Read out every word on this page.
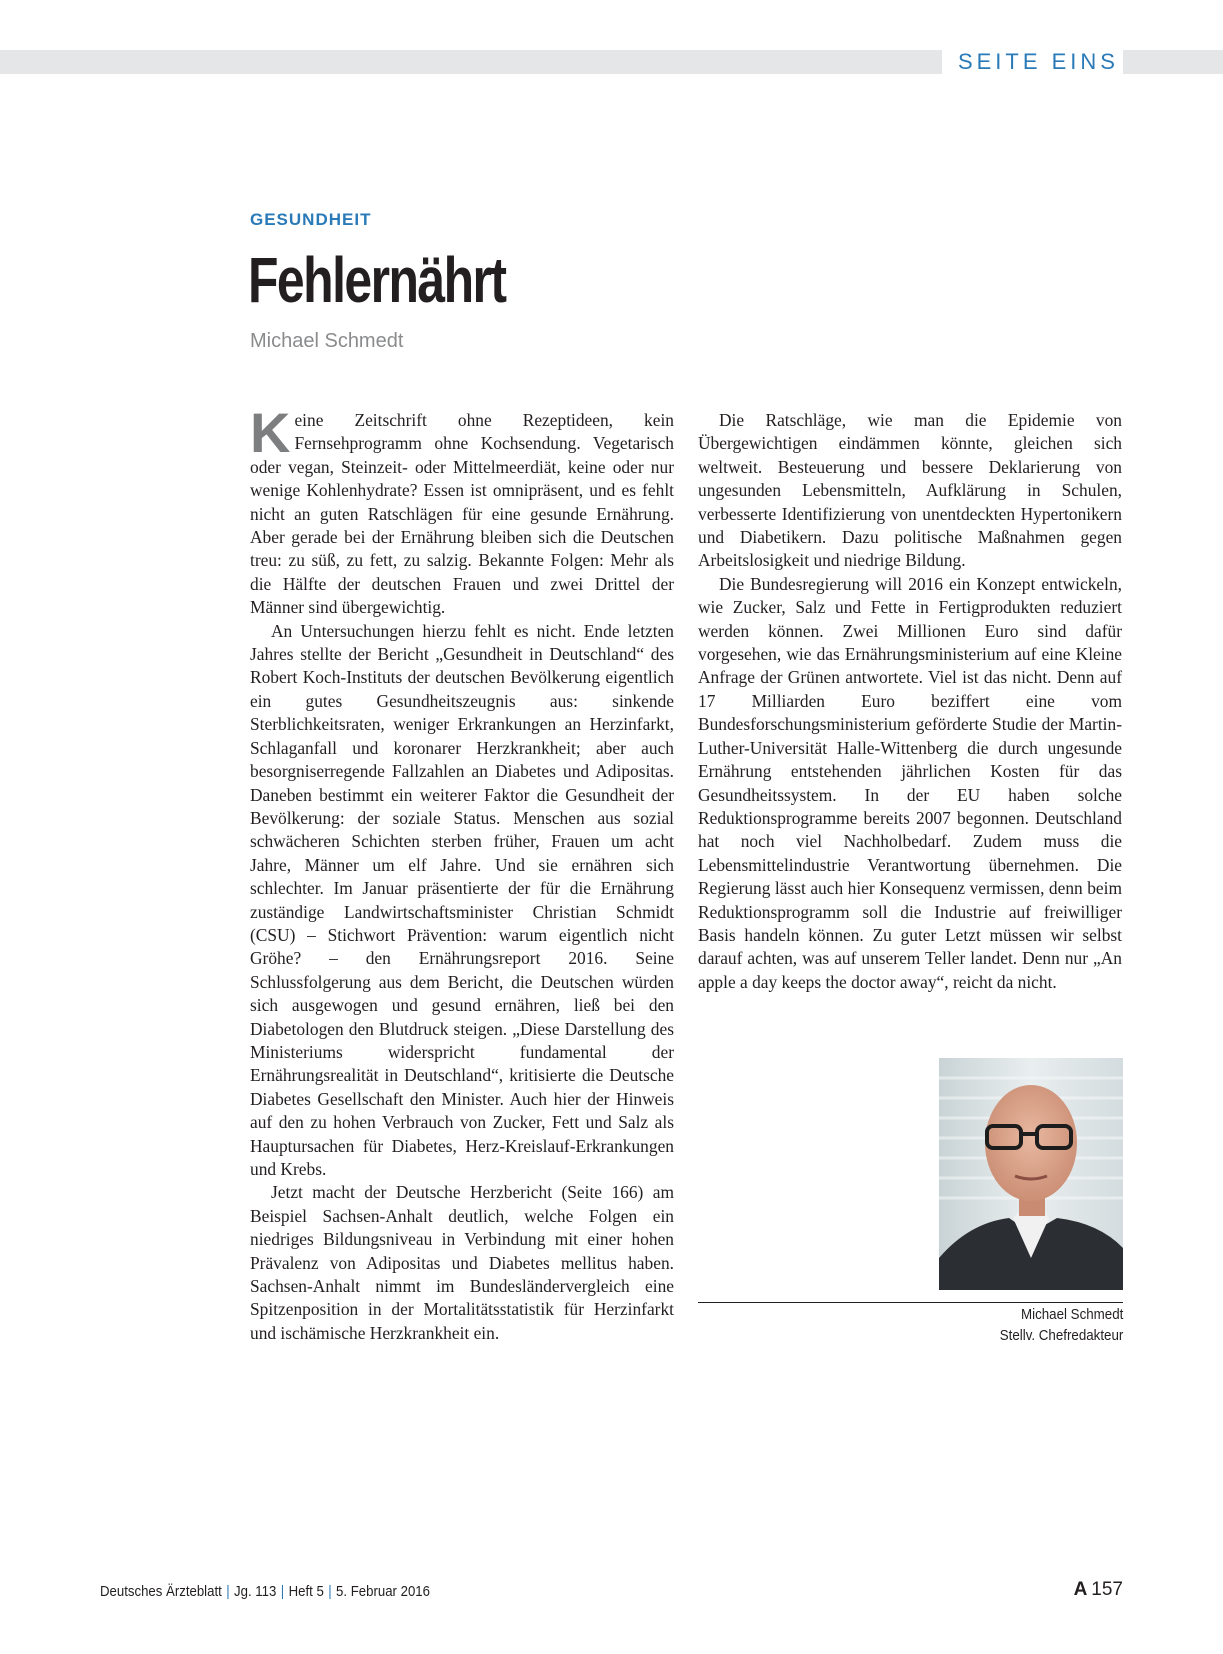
SEITE EINS
GESUNDHEIT
Fehlernährt
Michael Schmedt

Keine Zeitschrift ohne Rezeptideen, kein Fernsehprogramm ohne Kochsendung. Vegetarisch oder vegan, Steinzeit- oder Mittelmeerdiät, keine oder nur wenige Kohlenhydrate? Essen ist omnipräsent, und es fehlt nicht an guten Ratschlägen für eine gesunde Ernährung. Aber gerade bei der Ernährung bleiben sich die Deutschen treu: zu süß, zu fett, zu salzig. Bekannte Folgen: Mehr als die Hälfte der deutschen Frauen und zwei Drittel der Männer sind übergewichtig.

An Untersuchungen hierzu fehlt es nicht. Ende letzten Jahres stellte der Bericht „Gesundheit in Deutschland“ des Robert Koch-Instituts der deutschen Bevölkerung eigentlich ein gutes Gesundheitszeugnis aus: sinkende Sterblichkeitsraten, weniger Erkrankungen an Herzinfarkt, Schlaganfall und koronarer Herzkrankheit; aber auch besorgniserregende Fallzahlen an Diabetes und Adipositas. Daneben bestimmt ein weiterer Faktor die Gesundheit der Bevölkerung: der soziale Status. Menschen aus sozial schwächeren Schichten sterben früher, Frauen um acht Jahre, Männer um elf Jahre. Und sie ernähren sich schlechter. Im Januar präsentierte der für die Ernährung zuständige Landwirtschaftsminister Christian Schmidt (CSU) – Stichwort Prävention: warum eigentlich nicht Gröhe? – den Ernährungsreport 2016. Seine Schlussfolgerung aus dem Bericht, die Deutschen würden sich ausgewogen und gesund ernähren, ließ bei den Diabetologen den Blutdruck steigen. „Diese Darstellung des Ministeriums widerspricht fundamental der Ernährungsrealität in Deutschland“, kritisierte die Deutsche Diabetes Gesellschaft den Minister. Auch hier der Hinweis auf den zu hohen Verbrauch von Zucker, Fett und Salz als Hauptursachen für Diabetes, Herz-Kreislauf-Erkrankungen und Krebs.

Jetzt macht der Deutsche Herzbericht (Seite 166) am Beispiel Sachsen-Anhalt deutlich, welche Folgen ein niedriges Bildungsniveau in Verbindung mit einer hohen Prävalenz von Adipositas und Diabetes mellitus haben. Sachsen-Anhalt nimmt im Bundesländervergleich eine Spitzenposition in der Mortalitätsstatistik für Herzinfarkt und ischämische Herzkrankheit ein.

Die Ratschläge, wie man die Epidemie von Übergewichtigen eindämmen könnte, gleichen sich weltweit. Besteuerung und bessere Deklarierung von ungesunden Lebensmitteln, Aufklärung in Schulen, verbesserte Identifizierung von unentdeckten Hypertonikern und Diabetikern. Dazu politische Maßnahmen gegen Arbeitslosigkeit und niedrige Bildung.

Die Bundesregierung will 2016 ein Konzept entwickeln, wie Zucker, Salz und Fette in Fertigprodukten reduziert werden können. Zwei Millionen Euro sind dafür vorgesehen, wie das Ernährungsministerium auf eine Kleine Anfrage der Grünen antwortete. Viel ist das nicht. Denn auf 17 Milliarden Euro beziffert eine vom Bundesforschungsministerium geförderte Studie der Martin-Luther-Universität Halle-Wittenberg die durch ungesunde Ernährung entstehenden jährlichen Kosten für das Gesundheitssystem. In der EU haben solche Reduktionsprogramme bereits 2007 begonnen. Deutschland hat noch viel Nachholbedarf. Zudem muss die Lebensmittelindustrie Verantwortung übernehmen. Die Regierung lässt auch hier Konsequenz vermissen, denn beim Reduktionsprogramm soll die Industrie auf freiwilliger Basis handeln können. Zu guter Letzt müssen wir selbst darauf achten, was auf unserem Teller landet. Denn nur „An apple a day keeps the doctor away“, reicht da nicht.

Michael Schmedt
Stellv. Chefredakteur
Deutsches Ärzteblatt | Jg. 113 | Heft 5 | 5. Februar 2016	A 157
